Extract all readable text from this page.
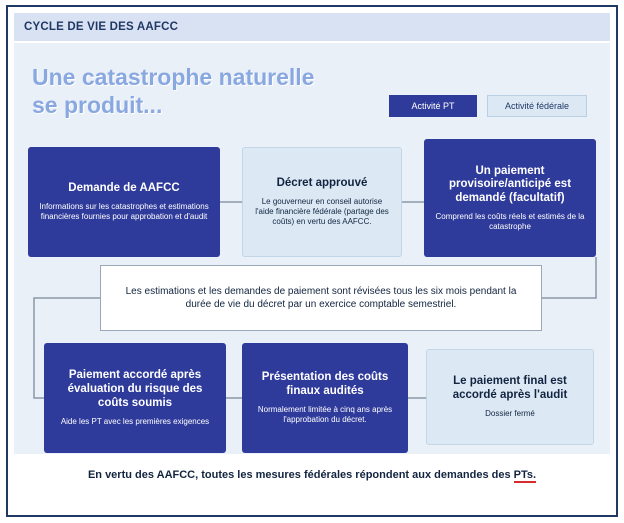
CYCLE DE VIE DES AAFCC
Une catastrophe naturelle
se produit...	Activité PT	Activité fédérale
Demande de AAFCC
Informations sur les catastrophes et estimations financières fournies pour approbation et d'audit
Décret approuvé
Le gouverneur en conseil autorise l'aide financière fédérale (partage des coûts) en vertu des AAFCC.
Un paiement provisoire/anticipé est demandé (facultatif)
Comprend les coûts réels et estimés de la catastrophe
Les estimations et les demandes de paiement sont révisées tous les six mois pendant la durée de vie du décret par un exercice comptable semestriel.
Paiement accordé après évaluation du risque des coûts soumis
Aide les PT avec les premières exigences
Présentation des coûts finaux audités
Normalement limitée à cinq ans après l'approbation du décret.
Le paiement final est accordé après l'audit
Dossier fermé
En vertu des AAFCC, toutes les mesures fédérales répondent aux demandes des PTs.
